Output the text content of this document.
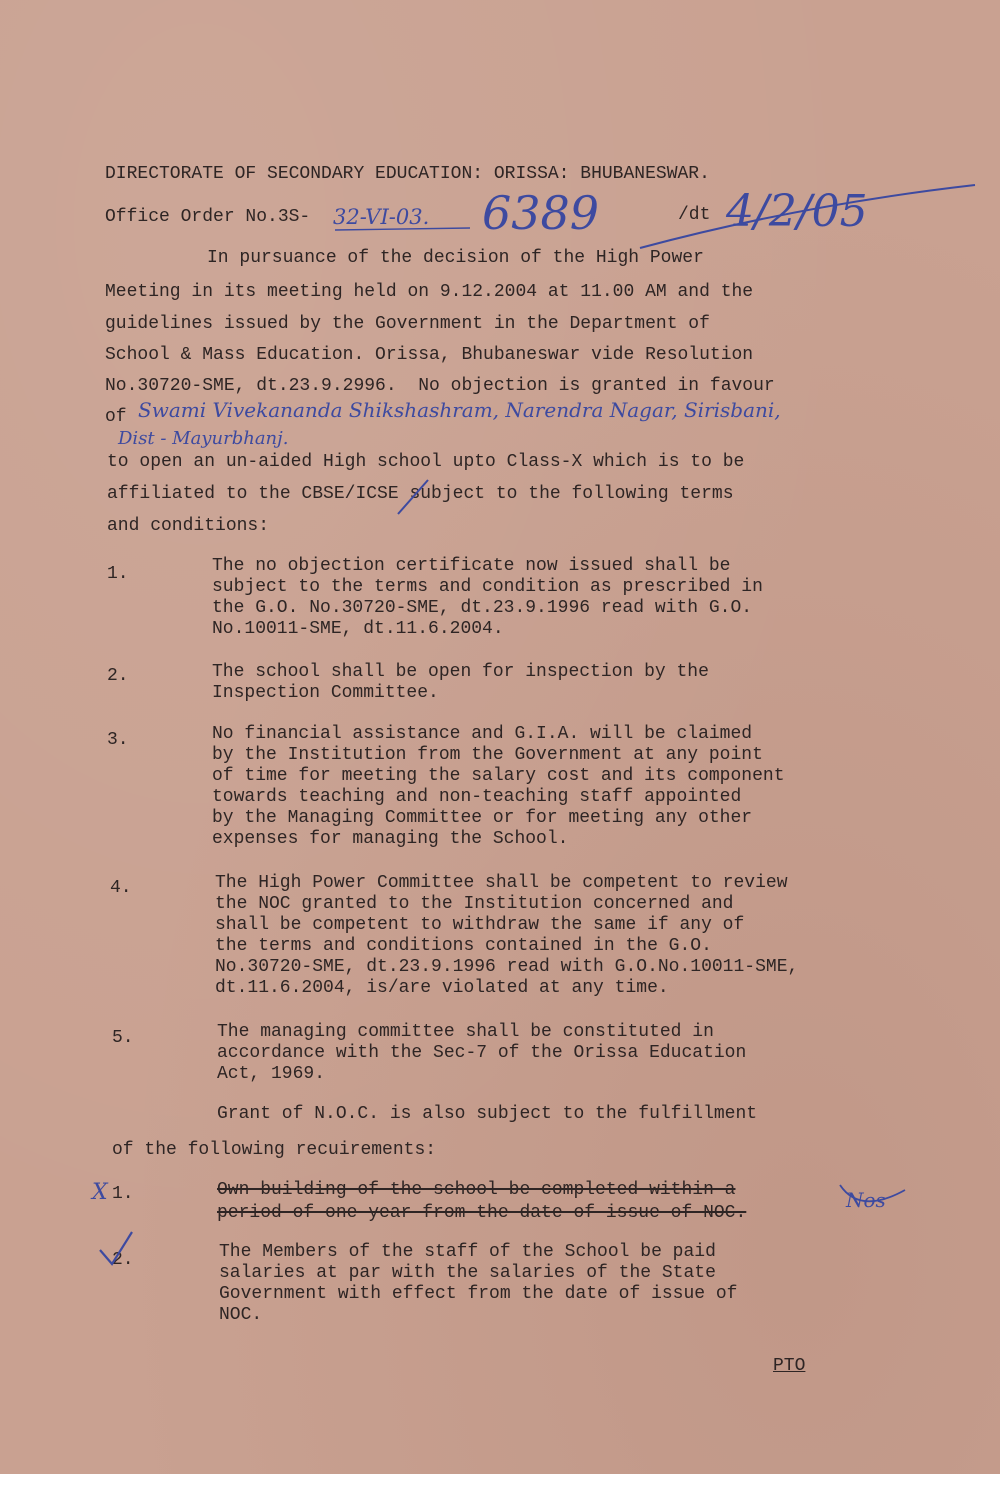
DIRECTORATE OF SECONDARY EDUCATION: ORISSA: BHUBANESWAR.
Office Order No.3S- 32-VI-03. 6389	/dt 4/2/05
In pursuance of the decision of the High Power
Meeting in its meeting held on 9.12.2004 at 11.00 AM and the
guidelines issued by the Government in the Department of
School & Mass Education. Orissa, Bhubaneswar vide Resolution
No.30720-SME, dt.23.9.2996.  No objection is granted in favour
of Swami Vivekananda Shikshashram, Narendra Nagar, Sirisbani,
Dist - Mayurbhanj.
to open an un-aided High school upto Class-X which is to be
affiliated to the CBSE/ICSE subject to the following terms
and conditions:
1.	The no objection certificate now issued shall be
subject to the terms and condition as prescribed in
the G.O. No.30720-SME, dt.23.9.1996 read with G.O.
No.10011-SME, dt.11.6.2004.
2.	The school shall be open for inspection by the
Inspection Committee.
3.	No financial assistance and G.I.A. will be claimed
by the Institution from the Government at any point
of time for meeting the salary cost and its component
towards teaching and non-teaching staff appointed
by the Managing Committee or for meeting any other
expenses for managing the School.
4.	The High Power Committee shall be competent to review
the NOC granted to the Institution concerned and
shall be competent to withdraw the same if any of
the terms and conditions contained in the G.O.
No.30720-SME, dt.23.9.1996 read with G.O.No.10011-SME,
dt.11.6.2004, is/are violated at any time.
5.	The managing committee shall be constituted in
accordance with the Sec-7 of the Orissa Education
Act, 1969.
Grant of N.O.C. is also subject to the fulfillment
of the following recuirements:
X 1.	Own building of the school be completed within a
period of one year from the date of issue of NOC.
Nos
2.	The Members of the staff of the School be paid
salaries at par with the salaries of the State
Government with effect from the date of issue of
NOC.
PTO
